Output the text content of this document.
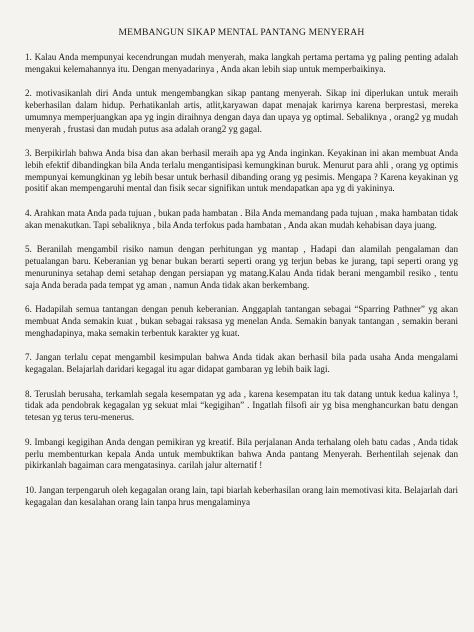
MEMBANGUN SIKAP MENTAL PANTANG MENYERAH

1. Kalau Anda mempunyai kecendrungan mudah menyerah, maka langkah pertama pertama yg paling penting adalah mengakui kelemahannya itu. Dengan menyadarinya , Anda akan lebih siap untuk memperbaikinya.

2. motivasikanlah diri Anda untuk mengembangkan sikap pantang menyerah. Sikap ini diperlukan untuk meraih keberhasilan dalam hidup. Perhatikanlah artis, atlit,karyawan dapat menajak karirnya karena berprestasi, mereka umumnya memperjuangkan apa yg ingin diraihnya dengan daya dan upaya yg optimal. Sebaliknya , orang2 yg mudah menyerah , frustasi dan mudah putus asa adalah orang2 yg gagal.

3. Berpikirlah bahwa Anda bisa dan akan berhasil meraih apa yg Anda inginkan. Keyakinan ini akan membuat Anda lebih efektif dibandingkan bila Anda terlalu mengantisipasi kemungkinan buruk. Menurut para ahli , orang yg optimis mempunyai kemungkinan yg lebih besar untuk berhasil dibanding orang yg pesimis. Mengapa ? Karena keyakinan yg positif akan mempengaruhi mental dan fisik secar signifikan untuk mendapatkan apa yg di yakininya.

4. Arahkan mata Anda pada tujuan , bukan pada hambatan . Bila Anda memandang pada tujuan , maka hambatan tidak akan menakutkan. Tapi sebaliknya , bila Anda terfokus pada hambatan , Anda akan mudah kehabisan daya juang.

5. Beranilah mengambil risiko namun dengan perhitungan yg mantap , Hadapi dan alamilah pengalaman dan petualangan baru. Keberanian yg benar bukan berarti seperti orang yg terjun bebas ke jurang, tapi seperti orang yg menuruninya setahap demi setahap dengan persiapan yg matang.Kalau Anda tidak berani mengambil resiko , tentu saja Anda berada pada tempat yg aman , namun Anda tidak akan berkembang.

6. Hadapilah semua tantangan dengan penuh keberanian. Anggaplah tantangan sebagai “Sparring Pathner” yg akan membuat Anda semakin kuat , bukan sebagai raksasa yg menelan Anda. Semakin banyak tantangan , semakin berani menghadapinya, maka semakin terbentuk karakter yg kuat.

7. Jangan terlalu cepat mengambil kesimpulan bahwa Anda tidak akan berhasil bila pada usaha Anda mengalami kegagalan. Belajarlah daridari kegagal itu agar didapat gambaran yg lebih baik lagi.

8. Teruslah berusaha, terkamlah segala kesempatan yg ada , karena kesempatan itu tak datang untuk kedua kalinya !, tidak ada pendobrak kegagalan yg sekuat mlai “kegigihan” . Ingatlah filsofi air yg bisa menghancurkan batu dengan tetesan yg terus teru-menerus.

9. Imbangi kegigihan Anda dengan pemikiran yg kreatif. Bila perjalanan Anda terhalang oleh batu cadas , Anda tidak perlu membenturkan kepala Anda untuk membuktikan bahwa Anda pantang Menyerah. Berhentilah sejenak dan pikirkanlah bagaiman cara mengatasinya. carilah jalur alternatif !

10. Jangan terpengaruh oleh kegagalan orang lain, tapi biarlah keberhasilan orang lain memotivasi kita. Belajarlah dari kegagalan dan kesalahan orang lain tanpa hrus mengalaminya
